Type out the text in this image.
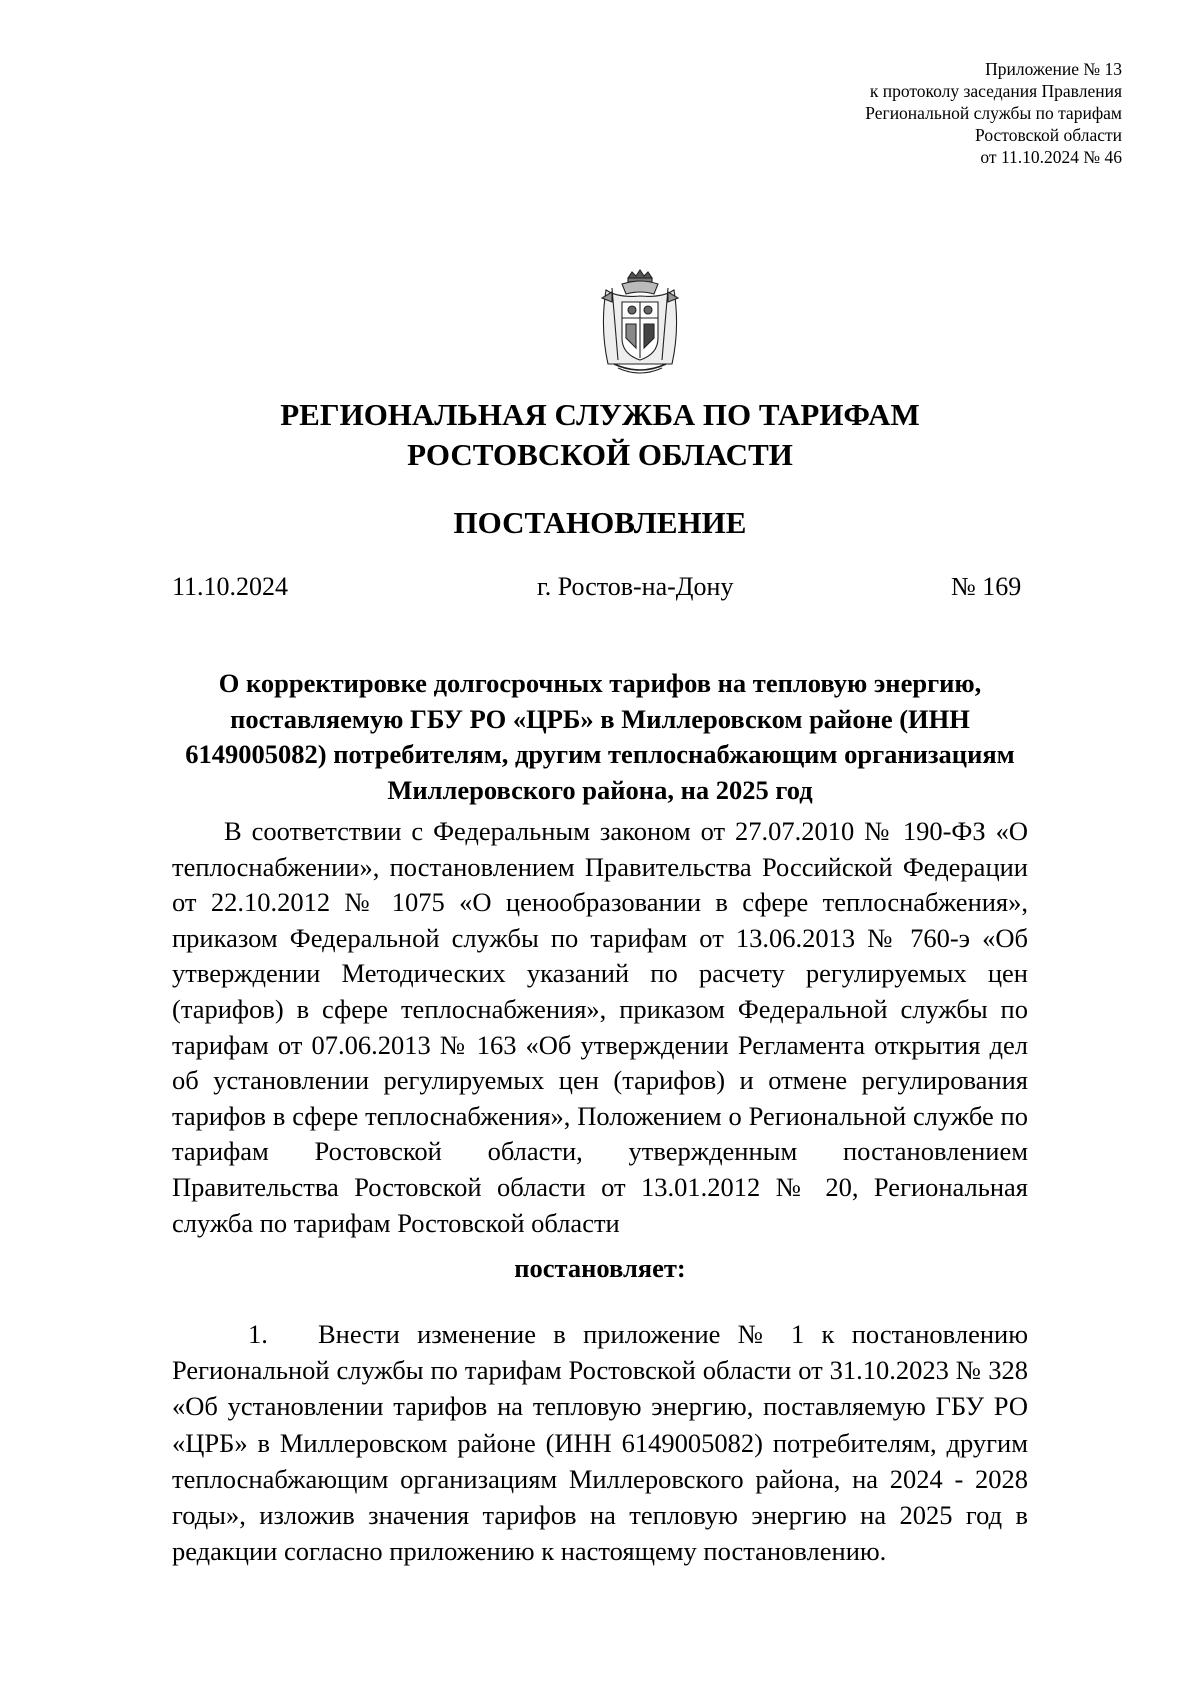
Приложение № 13
к протоколу заседания Правления
Региональной службы по тарифам
Ростовской области
от 11.10.2024 № 46
РЕГИОНАЛЬНАЯ СЛУЖБА ПО ТАРИФАМ
РОСТОВСКОЙ ОБЛАСТИ
ПОСТАНОВЛЕНИЕ
11.10.2024	г. Ростов-на-Дону	№ 169
О корректировке долгосрочных тарифов на тепловую энергию,
поставляемую ГБУ РО «ЦРБ» в Миллеровском районе (ИНН
6149005082) потребителям, другим теплоснабжающим организациям
Миллеровского района, на 2025 год

В соответствии с Федеральным законом от 27.07.2010 № 190-ФЗ «О теплоснабжении», постановлением Правительства Российской Федерации от 22.10.2012 № 1075 «О ценообразовании в сфере теплоснабжения», приказом Федеральной службы по тарифам от 13.06.2013 № 760-э «Об утверждении Методических указаний по расчету регулируемых цен (тарифов) в сфере теплоснабжения», приказом Федеральной службы по тарифам от 07.06.2013 № 163 «Об утверждении Регламента открытия дел об установлении регулируемых цен (тарифов) и отмене регулирования тарифов в сфере теплоснабжения», Положением о Региональной службе по тарифам Ростовской области, утвержденным постановлением Правительства Ростовской области от 13.01.2012 № 20, Региональная служба по тарифам Ростовской области

постановляет:

1. Внести изменение в приложение № 1 к постановлению Региональной службы по тарифам Ростовской области от 31.10.2023 № 328 «Об установлении тарифов на тепловую энергию, поставляемую ГБУ РО «ЦРБ» в Миллеровском районе (ИНН 6149005082) потребителям, другим теплоснабжающим организациям Миллеровского района, на 2024 - 2028 годы», изложив значения тарифов на тепловую энергию на 2025 год в редакции согласно приложению к настоящему постановлению.
